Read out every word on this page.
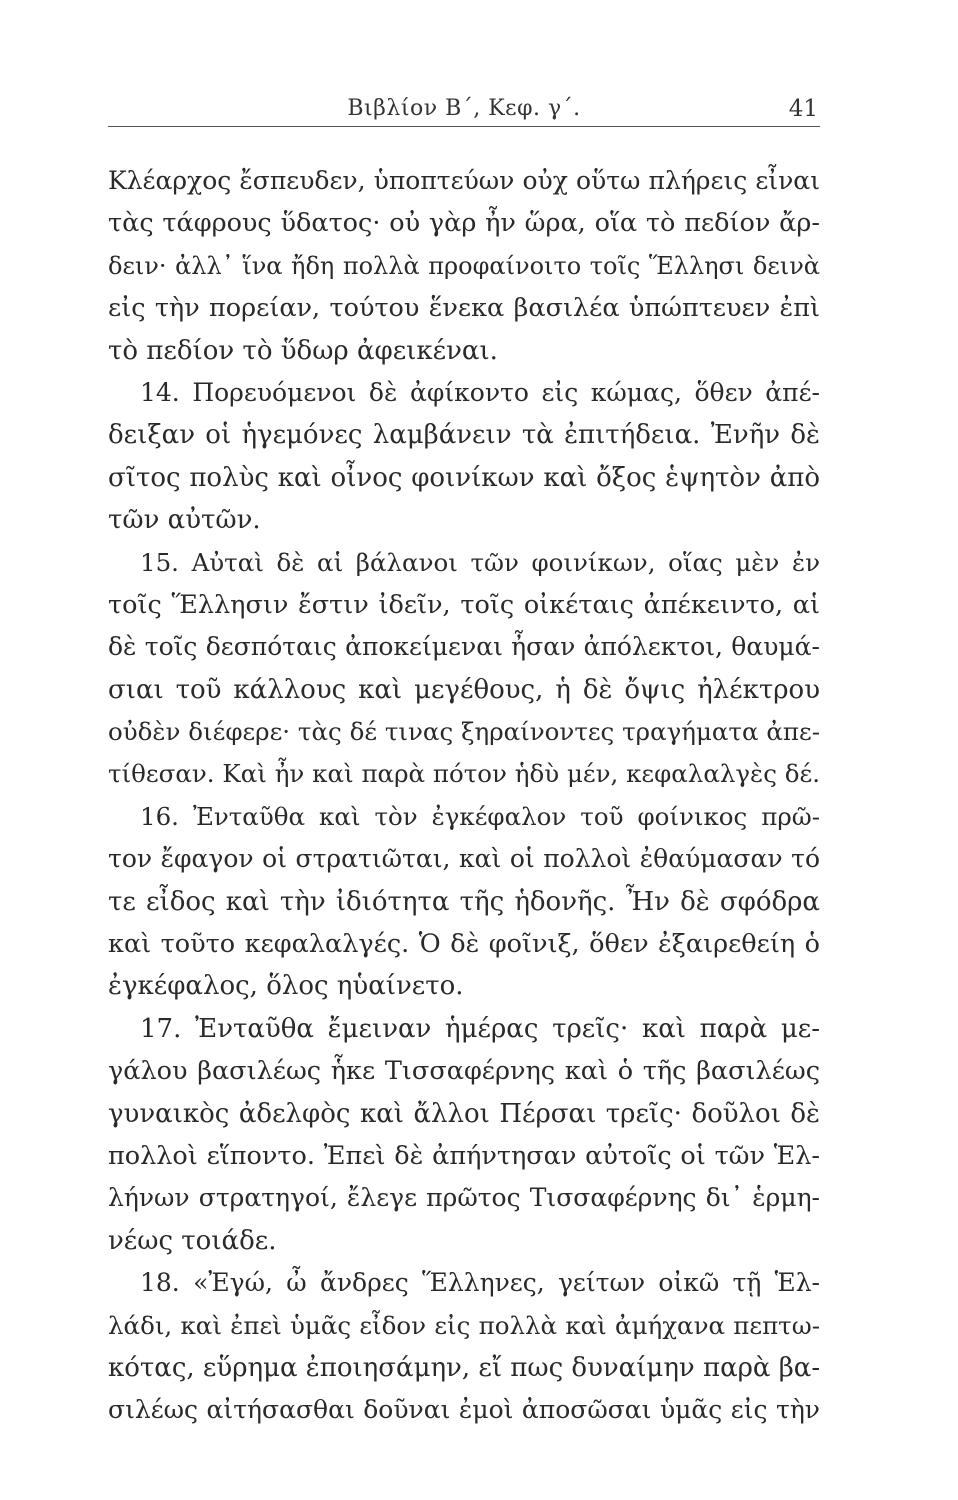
Βιβλίον Β΄, Κεφ. γ΄.	41
Κλέαρχος ἔσπευδεν, ὑποπτεύων οὐχ οὕτω πλήρεις εἶναι
τὰς τάφρους ὕδατος· οὐ γὰρ ἦν ὥρα, οἵα τὸ πεδίον ἄρ-
δειν· ἀλλ᾿ ἵνα ἤδη πολλὰ προφαίνοιτο τοῖς Ἕλλησι δεινὰ
εἰς τὴν πορείαν, τούτου ἕνεκα βασιλέα ὑπώπτευεν ἐπὶ
τὸ πεδίον τὸ ὕδωρ ἀφεικέναι.
14. Πορευόμενοι δὲ ἀφίκοντο εἰς κώμας, ὅθεν ἀπέ-
δειξαν οἱ ἡγεμόνες λαμβάνειν τὰ ἐπιτήδεια. Ἐνῆν δὲ
σῖτος πολὺς καὶ οἶνος φοινίκων καὶ ὄξος ἑψητὸν ἀπὸ
τῶν αὐτῶν.
15. Αὐταὶ δὲ αἱ βάλανοι τῶν φοινίκων, οἵας μὲν ἐν
τοῖς Ἕλλησιν ἔστιν ἰδεῖν, τοῖς οἰκέταις ἀπέκειντο, αἱ
δὲ τοῖς δεσπόταις ἀποκείμεναι ἦσαν ἀπόλεκτοι, θαυμά-
σιαι τοῦ κάλλους καὶ μεγέθους, ἡ δὲ ὄψις ἠλέκτρου
οὐδὲν διέφερε· τὰς δέ τινας ξηραίνοντες τραγήματα ἀπε-
τίθεσαν. Καὶ ἦν καὶ παρὰ πότον ἡδὺ μέν, κεφαλαλγὲς δέ.
16. Ἐνταῦθα καὶ τὸν ἐγκέφαλον τοῦ φοίνικος πρῶ-
τον ἔφαγον οἱ στρατιῶται, καὶ οἱ πολλοὶ ἐθαύμασαν τό
τε εἶδος καὶ τὴν ἰδιότητα τῆς ἡδονῆς. Ἦν δὲ σφόδρα
καὶ τοῦτο κεφαλαλγές. Ὁ δὲ φοῖνιξ, ὅθεν ἐξαιρεθείη ὁ
ἐγκέφαλος, ὅλος ηὑαίνετο.
17. Ἐνταῦθα ἔμειναν ἡμέρας τρεῖς· καὶ παρὰ με-
γάλου βασιλέως ἧκε Τισσαφέρνης καὶ ὁ τῆς βασιλέως
γυναικὸς ἀδελφὸς καὶ ἄλλοι Πέρσαι τρεῖς· δοῦλοι δὲ
πολλοὶ εἵποντο. Ἐπεὶ δὲ ἀπήντησαν αὐτοῖς οἱ τῶν Ἑλ-
λήνων στρατηγοί, ἔλεγε πρῶτος Τισσαφέρνης δι᾿ ἑρμη-
νέως τοιάδε.
18. «Ἐγώ, ὦ ἄνδρες Ἕλληνες, γείτων οἰκῶ τῇ Ἑλ-
λάδι, καὶ ἐπεὶ ὑμᾶς εἶδον εἰς πολλὰ καὶ ἀμήχανα πεπτω-
κότας, εὕρημα ἐποιησάμην, εἴ πως δυναίμην παρὰ βα-
σιλέως αἰτήσασθαι δοῦναι ἐμοὶ ἀποσῶσαι ὑμᾶς εἰς τὴν
